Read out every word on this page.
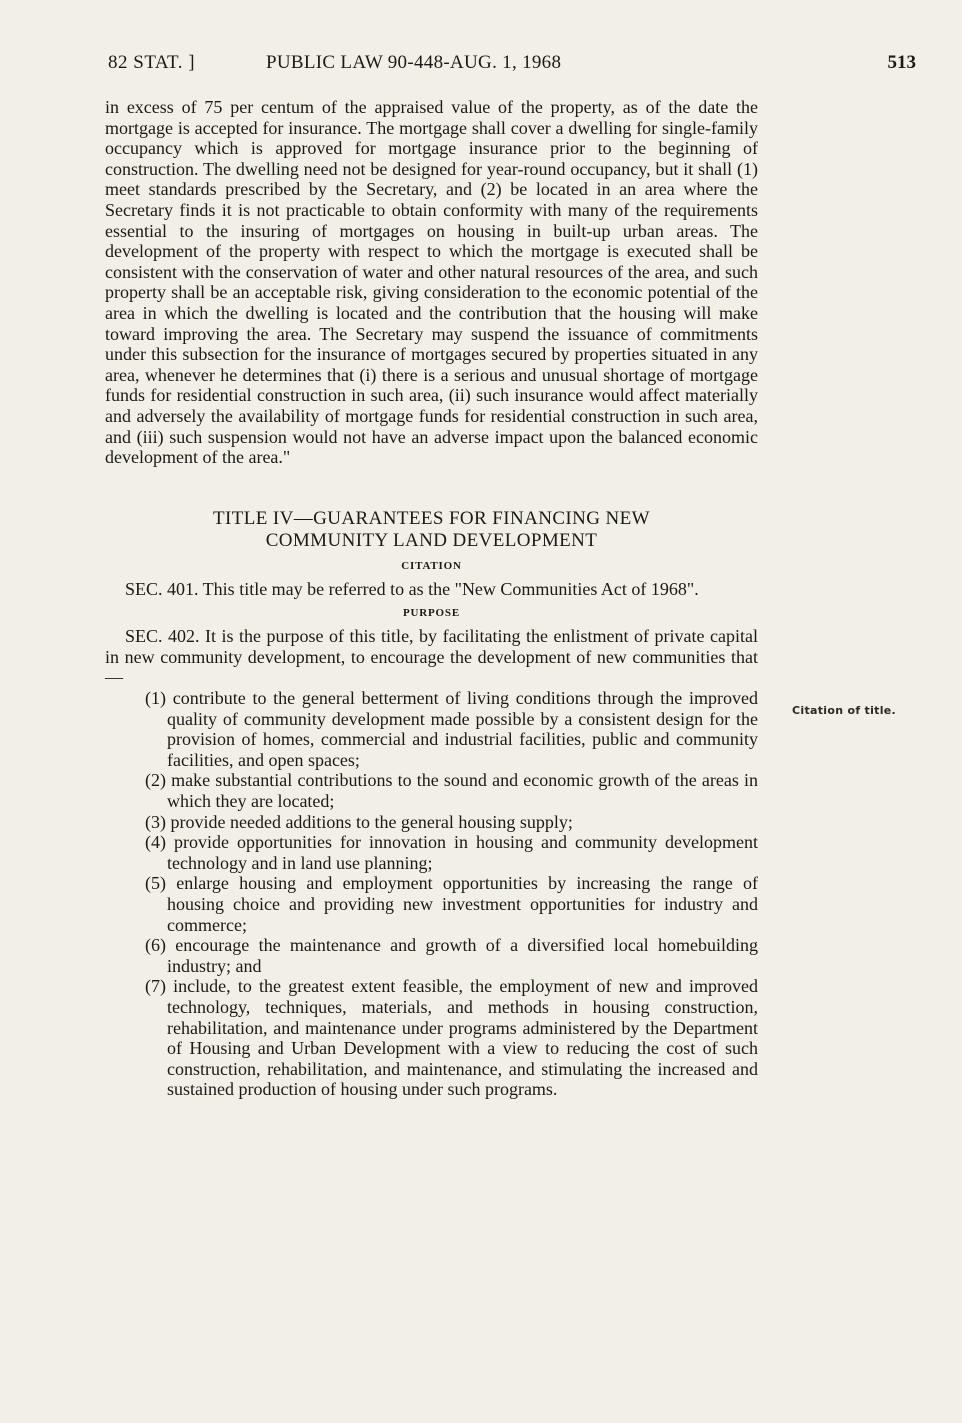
82 STAT. ]	PUBLIC LAW 90-448-AUG. 1, 1968	513

in excess of 75 per centum of the appraised value of the property, as of the date the mortgage is accepted for insurance. The mortgage shall cover a dwelling for single-family occupancy which is approved for mortgage insurance prior to the beginning of construction. The dwelling need not be designed for year-round occupancy, but it shall (1) meet standards prescribed by the Secretary, and (2) be located in an area where the Secretary finds it is not practicable to obtain conformity with many of the requirements essential to the insuring of mortgages on housing in built-up urban areas. The development of the property with respect to which the mortgage is executed shall be consistent with the conservation of water and other natural resources of the area, and such property shall be an acceptable risk, giving consideration to the economic potential of the area in which the dwelling is located and the contribution that the housing will make toward improving the area. The Secretary may suspend the issuance of commitments under this subsection for the insurance of mortgages secured by properties situated in any area, whenever he determines that (i) there is a serious and unusual shortage of mortgage funds for residential construction in such area, (ii) such insurance would affect materially and adversely the availability of mortgage funds for residential construction in such area, and (iii) such suspension would not have an adverse impact upon the balanced economic development of the area."

TITLE IV—GUARANTEES FOR FINANCING NEW
COMMUNITY LAND DEVELOPMENT
CITATION

SEC. 401. This title may be referred to as the "New Communities Act of 1968".

PURPOSE

SEC. 402. It is the purpose of this title, by facilitating the enlistment of private capital in new community development, to encourage the development of new communities that—

(1) contribute to the general betterment of living conditions through the improved quality of community development made possible by a consistent design for the provision of homes, commercial and industrial facilities, public and community facilities, and open spaces;

(2) make substantial contributions to the sound and economic growth of the areas in which they are located;

(3) provide needed additions to the general housing supply;

(4) provide opportunities for innovation in housing and community development technology and in land use planning;

(5) enlarge housing and employment opportunities by increasing the range of housing choice and providing new investment opportunities for industry and commerce;

(6) encourage the maintenance and growth of a diversified local homebuilding industry; and

(7) include, to the greatest extent feasible, the employment of new and improved technology, techniques, materials, and methods in housing construction, rehabilitation, and maintenance under programs administered by the Department of Housing and Urban Development with a view to reducing the cost of such construction, rehabilitation, and maintenance, and stimulating the increased and sustained production of housing under such programs.

Citation of title.
